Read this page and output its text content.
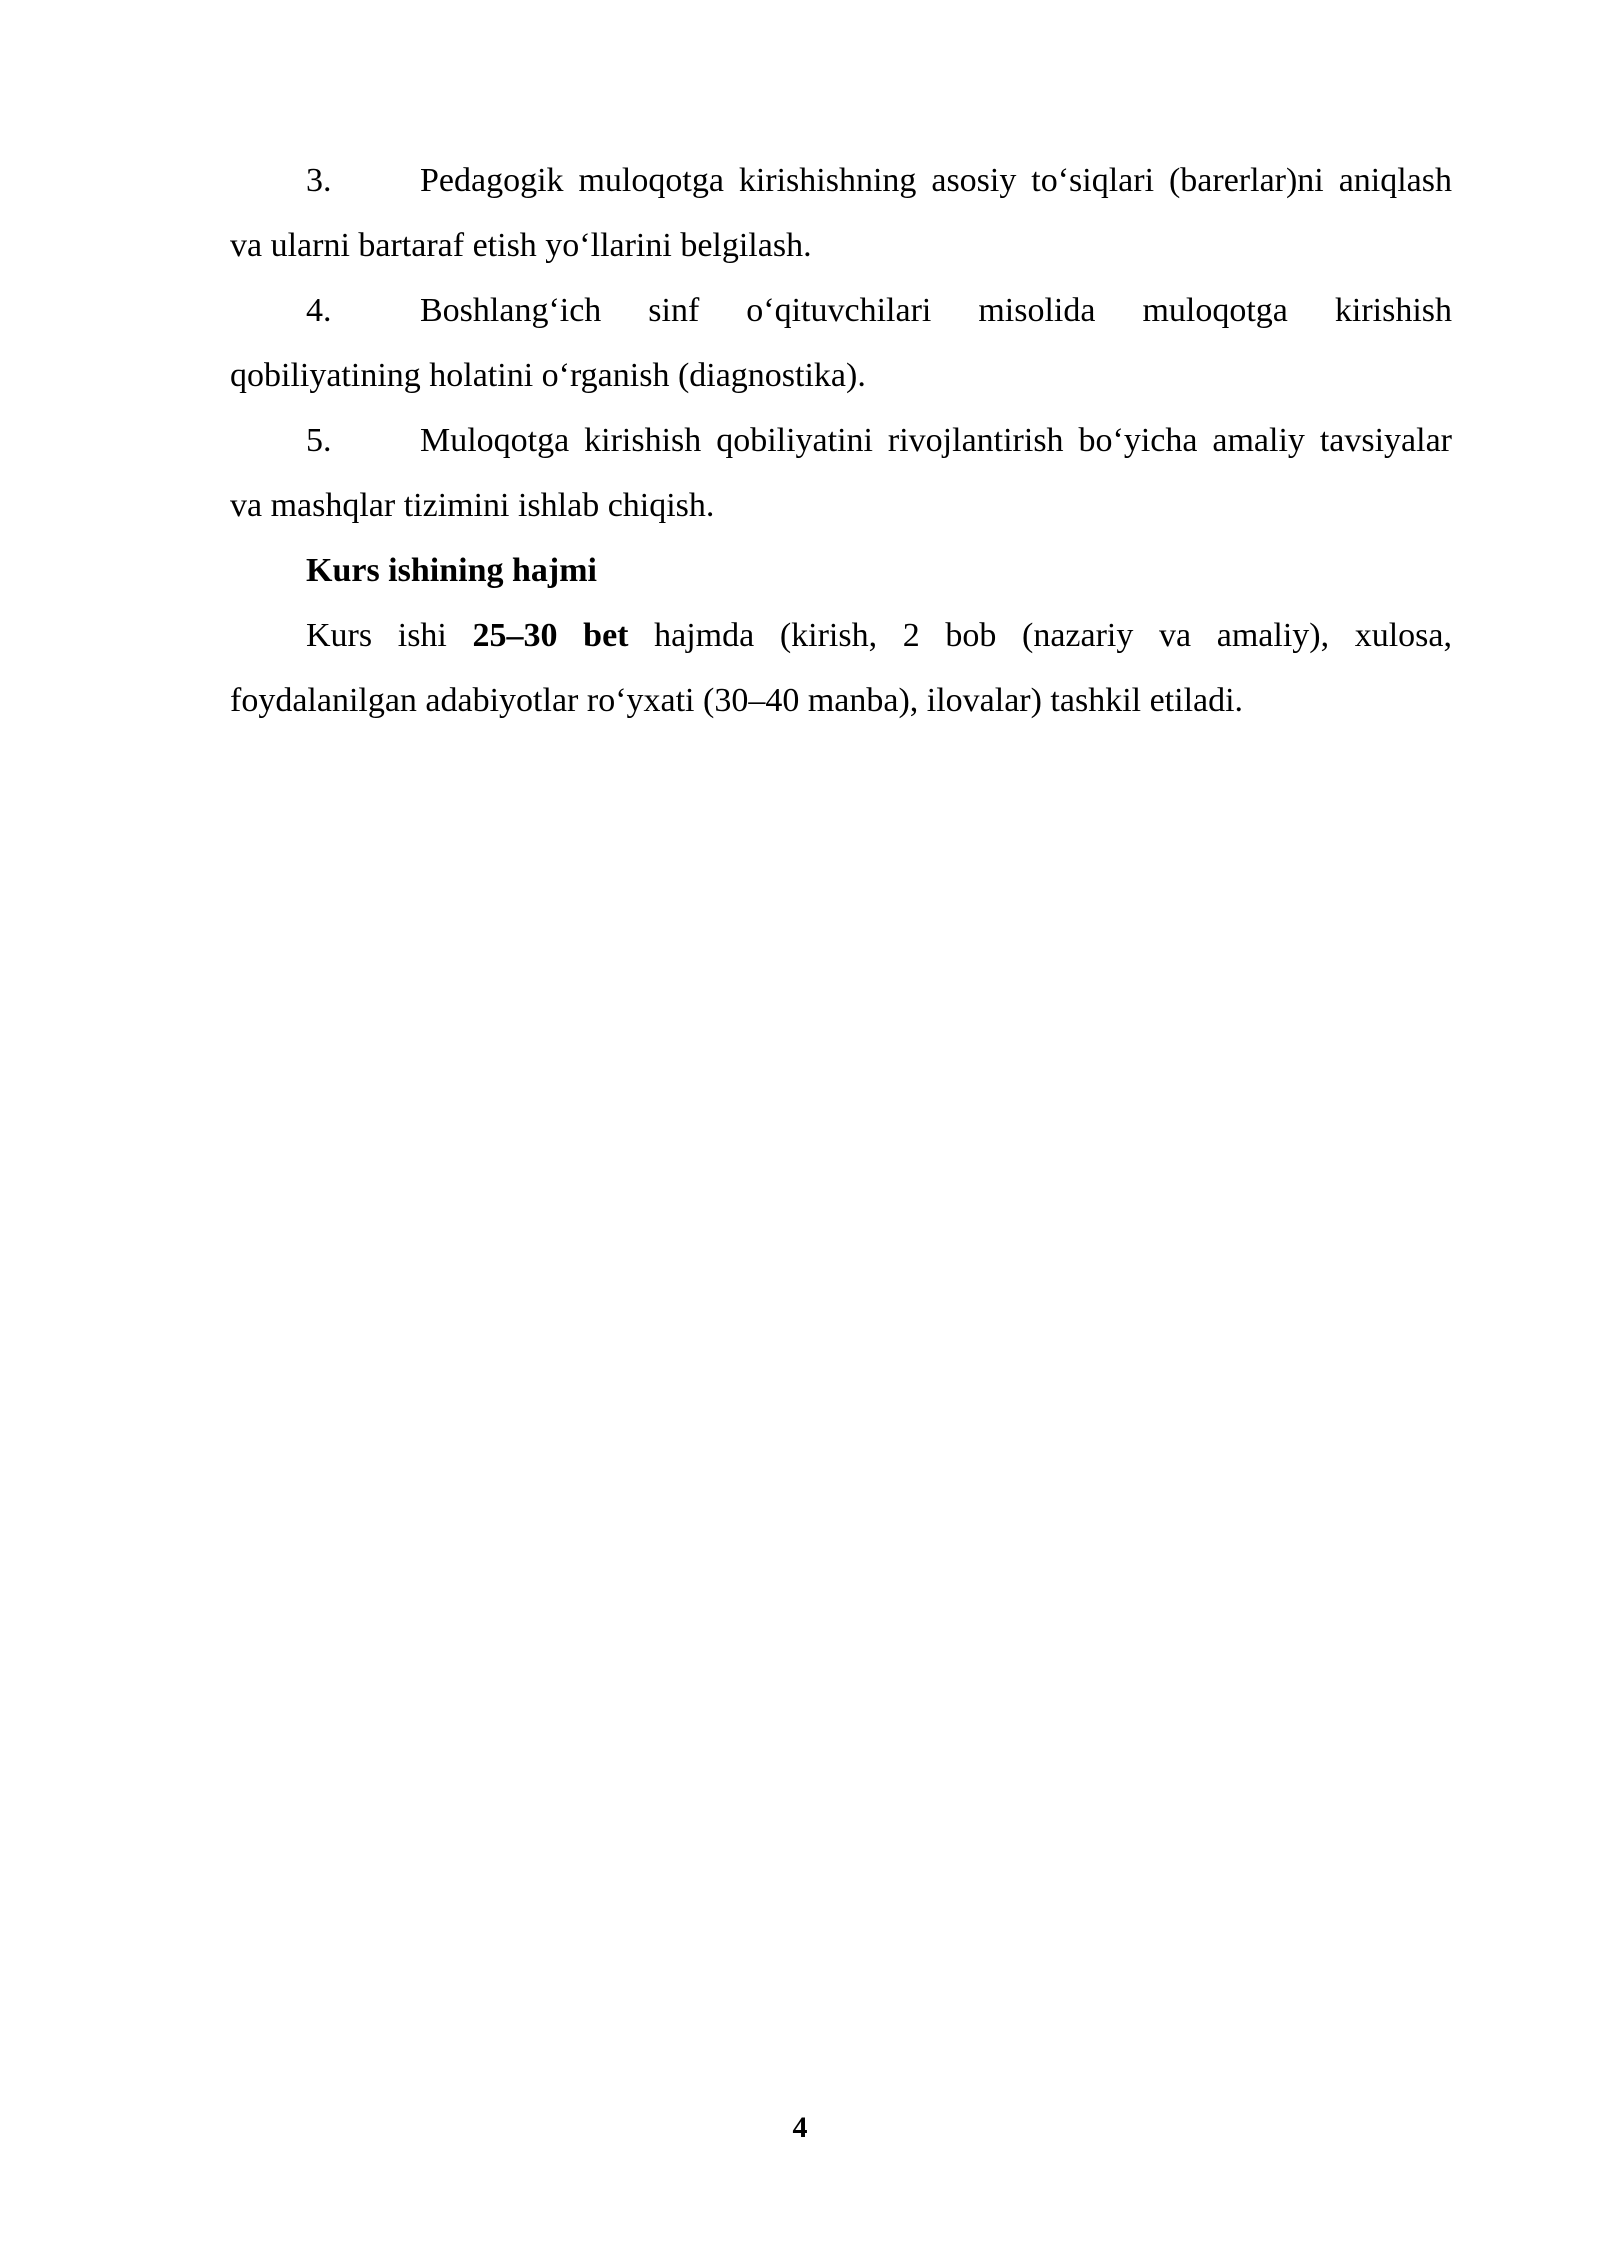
3.	Pedagogik muloqotga kirishishning asosiy to‘siqlari (barerlar)ni aniqlash va ularni bartaraf etish yo‘llarini belgilash.

4.	Boshlang‘ich sinf o‘qituvchilari misolida muloqotga kirishish qobiliyatining holatini o‘rganish (diagnostika).

5.	Muloqotga kirishish qobiliyatini rivojlantirish bo‘yicha amaliy tavsiyalar va mashqlar tizimini ishlab chiqish.

Kurs ishining hajmi

Kurs ishi 25–30 bet hajmda (kirish, 2 bob (nazariy va amaliy), xulosa, foydalanilgan adabiyotlar ro‘yxati (30–40 manba), ilovalar) tashkil etiladi.

4
